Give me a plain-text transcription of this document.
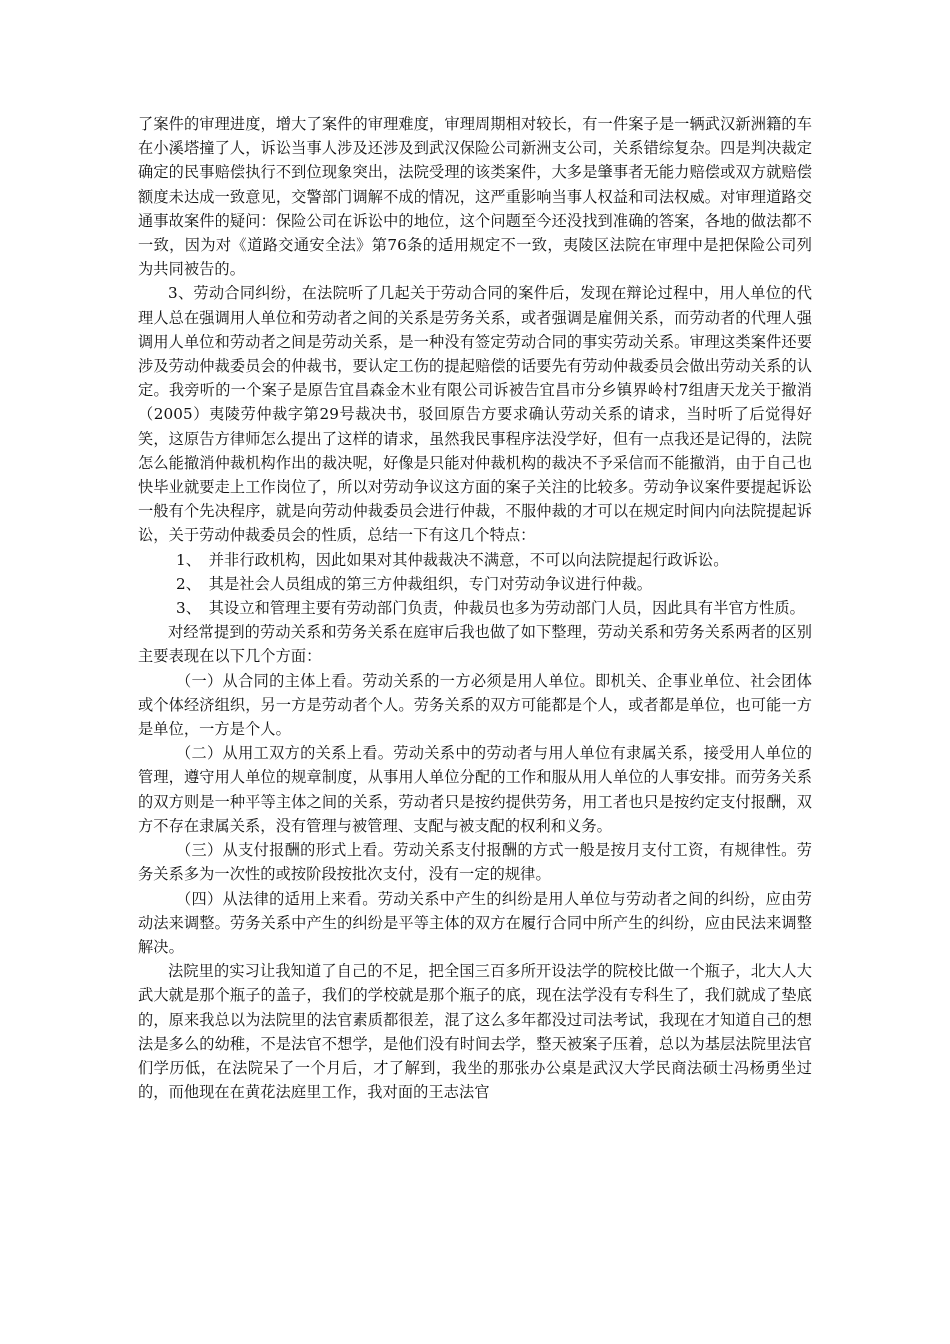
了案件的审理进度，增大了案件的审理难度，审理周期相对较长，有一件案子是一辆武汉新洲籍的车在小溪塔撞了人，诉讼当事人涉及还涉及到武汉保险公司新洲支公司，关系错综复杂。四是判决裁定确定的民事赔偿执行不到位现象突出，法院受理的该类案件，大多是肇事者无能力赔偿或双方就赔偿额度未达成一致意见，交警部门调解不成的情况，这严重影响当事人权益和司法权威。对审理道路交通事故案件的疑问：保险公司在诉讼中的地位，这个问题至今还没找到准确的答案，各地的做法都不一致，因为对《道路交通安全法》第76条的适用规定不一致，夷陵区法院在审理中是把保险公司列为共同被告的。

3、劳动合同纠纷，在法院听了几起关于劳动合同的案件后，发现在辩论过程中，用人单位的代理人总在强调用人单位和劳动者之间的关系是劳务关系，或者强调是雇佣关系，而劳动者的代理人强调用人单位和劳动者之间是劳动关系，是一种没有签定劳动合同的事实劳动关系。审理这类案件还要涉及劳动仲裁委员会的仲裁书，要认定工伤的提起赔偿的话要先有劳动仲裁委员会做出劳动关系的认定。我旁听的一个案子是原告宜昌森金木业有限公司诉被告宜昌市分乡镇界岭村7组唐天龙关于撤消（2005）夷陵劳仲裁字第29号裁决书，驳回原告方要求确认劳动关系的请求，当时听了后觉得好笑，这原告方律师怎么提出了这样的请求，虽然我民事程序法没学好，但有一点我还是记得的，法院怎么能撤消仲裁机构作出的裁决呢，好像是只能对仲裁机构的裁决不予采信而不能撤消，由于自己也快毕业就要走上工作岗位了，所以对劳动争议这方面的案子关注的比较多。劳动争议案件要提起诉讼一般有个先决程序，就是向劳动仲裁委员会进行仲裁，不服仲裁的才可以在规定时间内向法院提起诉讼，关于劳动仲裁委员会的性质，总结一下有这几个特点：

1、　并非行政机构，因此如果对其仲裁裁决不满意，不可以向法院提起行政诉讼。

2、　其是社会人员组成的第三方仲裁组织，专门对劳动争议进行仲裁。

3、　其设立和管理主要有劳动部门负责，仲裁员也多为劳动部门人员，因此具有半官方性质。

对经常提到的劳动关系和劳务关系在庭审后我也做了如下整理，劳动关系和劳务关系两者的区别主要表现在以下几个方面：

（一）从合同的主体上看。劳动关系的一方必须是用人单位。即机关、企事业单位、社会团体或个体经济组织，另一方是劳动者个人。劳务关系的双方可能都是个人，或者都是单位，也可能一方是单位，一方是个人。

（二）从用工双方的关系上看。劳动关系中的劳动者与用人单位有隶属关系，接受用人单位的管理，遵守用人单位的规章制度，从事用人单位分配的工作和服从用人单位的人事安排。而劳务关系的双方则是一种平等主体之间的关系，劳动者只是按约提供劳务，用工者也只是按约定支付报酬，双方不存在隶属关系，没有管理与被管理、支配与被支配的权利和义务。

（三）从支付报酬的形式上看。劳动关系支付报酬的方式一般是按月支付工资，有规律性。劳务关系多为一次性的或按阶段按批次支付，没有一定的规律。

（四）从法律的适用上来看。劳动关系中产生的纠纷是用人单位与劳动者之间的纠纷，应由劳动法来调整。劳务关系中产生的纠纷是平等主体的双方在履行合同中所产生的纠纷，应由民法来调整解决。

法院里的实习让我知道了自己的不足，把全国三百多所开设法学的院校比做一个瓶子，北大人大武大就是那个瓶子的盖子，我们的学校就是那个瓶子的底，现在法学没有专科生了，我们就成了垫底的，原来我总以为法院里的法官素质都很差，混了这么多年都没过司法考试，我现在才知道自己的想法是多么的幼稚，不是法官不想学，是他们没有时间去学，整天被案子压着，总以为基层法院里法官们学历低，在法院呆了一个月后，才了解到，我坐的那张办公桌是武汉大学民商法硕士冯杨勇坐过的，而他现在在黄花法庭里工作，我对面的王志法官
